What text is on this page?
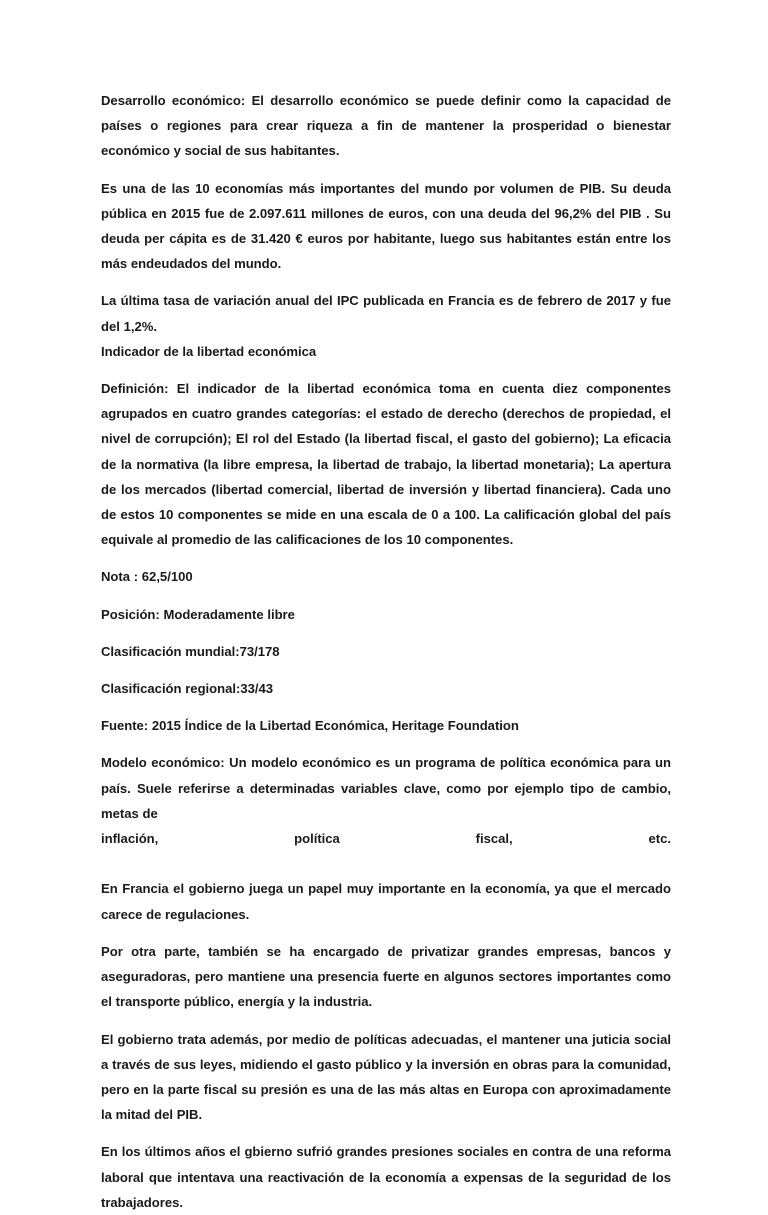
Desarrollo económico: El desarrollo económico se puede definir como la capacidad de países o regiones para crear riqueza a fin de mantener la prosperidad o bienestar económico y social de sus habitantes.

Es una de las 10 economías más importantes del mundo por volumen de PIB. Su deuda pública en 2015 fue de 2.097.611 millones de euros, con una deuda del 96,2% del PIB . Su deuda per cápita es de 31.420 € euros por habitante, luego sus habitantes están entre los más endeudados del mundo.

La última tasa de variación anual del IPC publicada en Francia es de febrero de 2017 y fue del 1,2%.
Indicador de la libertad económica

Definición: El indicador de la libertad económica toma en cuenta diez componentes agrupados en cuatro grandes categorías: el estado de derecho (derechos de propiedad, el nivel de corrupción); El rol del Estado (la libertad fiscal, el gasto del gobierno); La eficacia de la normativa (la libre empresa, la libertad de trabajo, la libertad monetaria); La apertura de los mercados (libertad comercial, libertad de inversión y libertad financiera). Cada uno de estos 10 componentes se mide en una escala de 0 a 100. La calificación global del país equivale al promedio de las calificaciones de los 10 componentes.

Nota : 62,5/100

Posición: Moderadamente libre

Clasificación mundial:73/178

Clasificación regional:33/43

Fuente: 2015 Índice de la Libertad Económica, Heritage Foundation

Modelo económico: Un modelo económico es un programa de política económica para un país. Suele referirse a determinadas variables clave, como por ejemplo tipo de cambio, metas de
inflación, política fiscal, etc.
En Francia el gobierno juega un papel muy importante en la economía, ya que el mercado carece de regulaciones.

Por otra parte, también se ha encargado de privatizar grandes empresas, bancos y aseguradoras, pero mantiene una presencia fuerte en algunos sectores importantes como el transporte público, energía y la industria.

El gobierno trata además, por medio de políticas adecuadas, el mantener una juticia social a través de sus leyes, midiendo el gasto público y la inversión en obras para la comunidad, pero en la parte fiscal su presión es una de las más altas en Europa con aproximadamente la mitad del PIB.

En los últimos años el gbierno sufrió grandes presiones sociales en contra de una reforma laboral que intentava una reactivación de la economía a expensas de la seguridad de los trabajadores.
